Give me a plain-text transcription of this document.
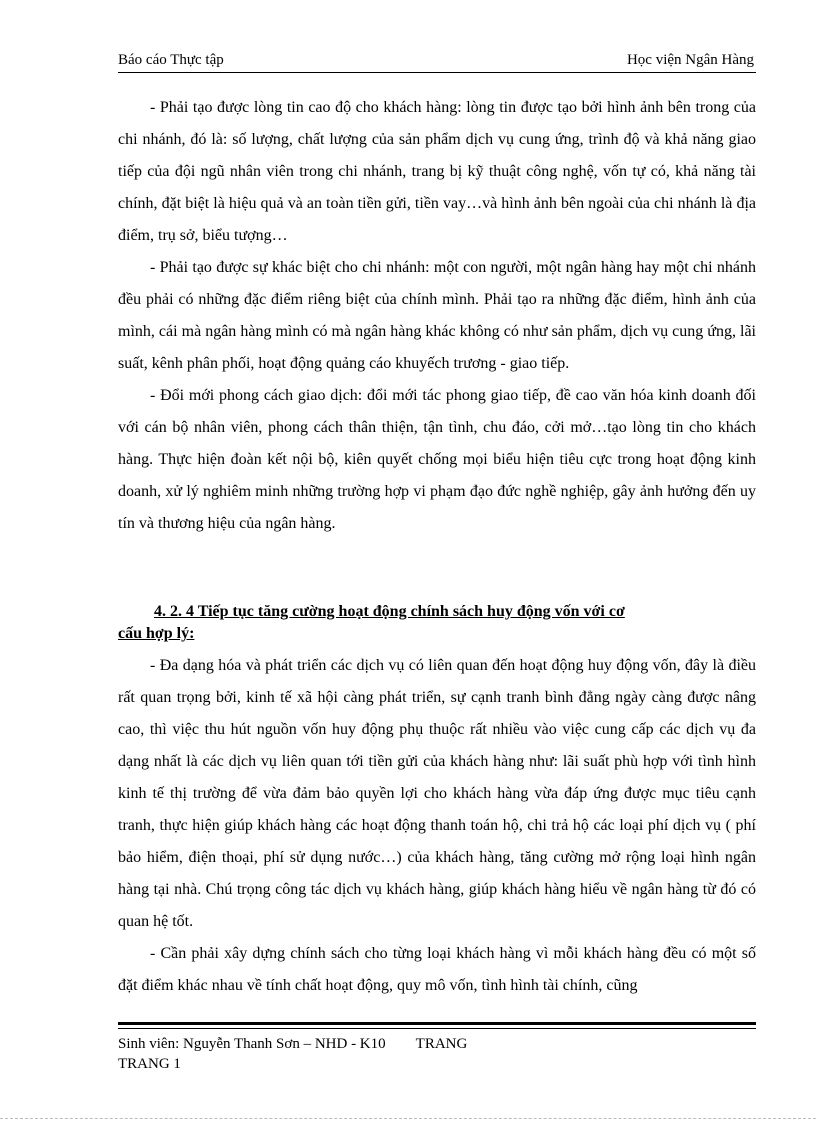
Báo cáo Thực tập	Học viện Ngân Hàng

- Phải tạo được lòng tin cao độ cho khách hàng: lòng tin được tạo bởi hình ảnh bên trong của chi nhánh, đó là: số lượng, chất lượng của sản phẩm dịch vụ cung ứng, trình độ và khả năng giao tiếp của đội ngũ nhân viên trong chi nhánh, trang bị kỹ thuật công nghệ, vốn tự có, khả năng tài chính, đặt biệt là hiệu quả và an toàn tiền gửi, tiền vay…và hình ảnh bên ngoài của chi nhánh là địa điểm, trụ sở, biểu tượng…

- Phải tạo được sự khác biệt cho chi nhánh: một con người, một ngân hàng hay một chi nhánh đều phải có những đặc điểm riêng biệt của chính mình. Phải tạo ra những đặc điểm, hình ảnh của mình, cái mà ngân hàng mình có mà ngân hàng khác không có như sản phẩm, dịch vụ cung ứng, lãi suất, kênh phân phối, hoạt động quảng cáo khuyếch trương - giao tiếp.

- Đổi mới phong cách giao dịch: đổi mới tác phong giao tiếp, đề cao văn hóa kinh doanh đối với cán bộ nhân viên, phong cách thân thiện, tận tình, chu đáo, cởi mở…tạo lòng tin cho khách hàng. Thực hiện đoàn kết nội bộ, kiên quyết chống mọi biểu hiện tiêu cực trong hoạt động kinh doanh, xử lý nghiêm minh những trường hợp vi phạm đạo đức nghề nghiệp, gây ảnh hưởng đến uy tín và thương hiệu của ngân hàng.

4. 2. 4 Tiếp tục tăng cường hoạt động chính sách huy động vốn với cơ
cấu hợp lý:

- Đa dạng hóa và phát triển các dịch vụ có liên quan đến hoạt động huy động vốn, đây là điều rất quan trọng bởi, kinh tế xã hội càng phát triển, sự cạnh tranh bình đẳng ngày càng được nâng cao, thì việc thu hút nguồn vốn huy động phụ thuộc rất nhiều vào việc cung cấp các dịch vụ đa dạng nhất là các dịch vụ liên quan tới tiền gửi của khách hàng như: lãi suất phù hợp với tình hình kinh tế thị trường để vừa đảm bảo quyền lợi cho khách hàng vừa đáp ứng được mục tiêu cạnh tranh, thực hiện giúp khách hàng các hoạt động thanh toán hộ, chi trả hộ các loại phí dịch vụ ( phí bảo hiểm, điện thoại, phí sử dụng nước…) của khách hàng, tăng cường mở rộng loại hình ngân hàng tại nhà. Chú trọng công tác dịch vụ khách hàng, giúp khách hàng hiểu về ngân hàng từ đó có quan hệ tốt.

- Cần phải xây dựng chính sách cho từng loại khách hàng vì mỗi khách hàng đều có một số đặt điểm khác nhau về tính chất hoạt động, quy mô vốn, tình hình tài chính, cũng

Sinh viên: Nguyễn Thanh Sơn – NHD - K10 TRANG
TRANG 1
